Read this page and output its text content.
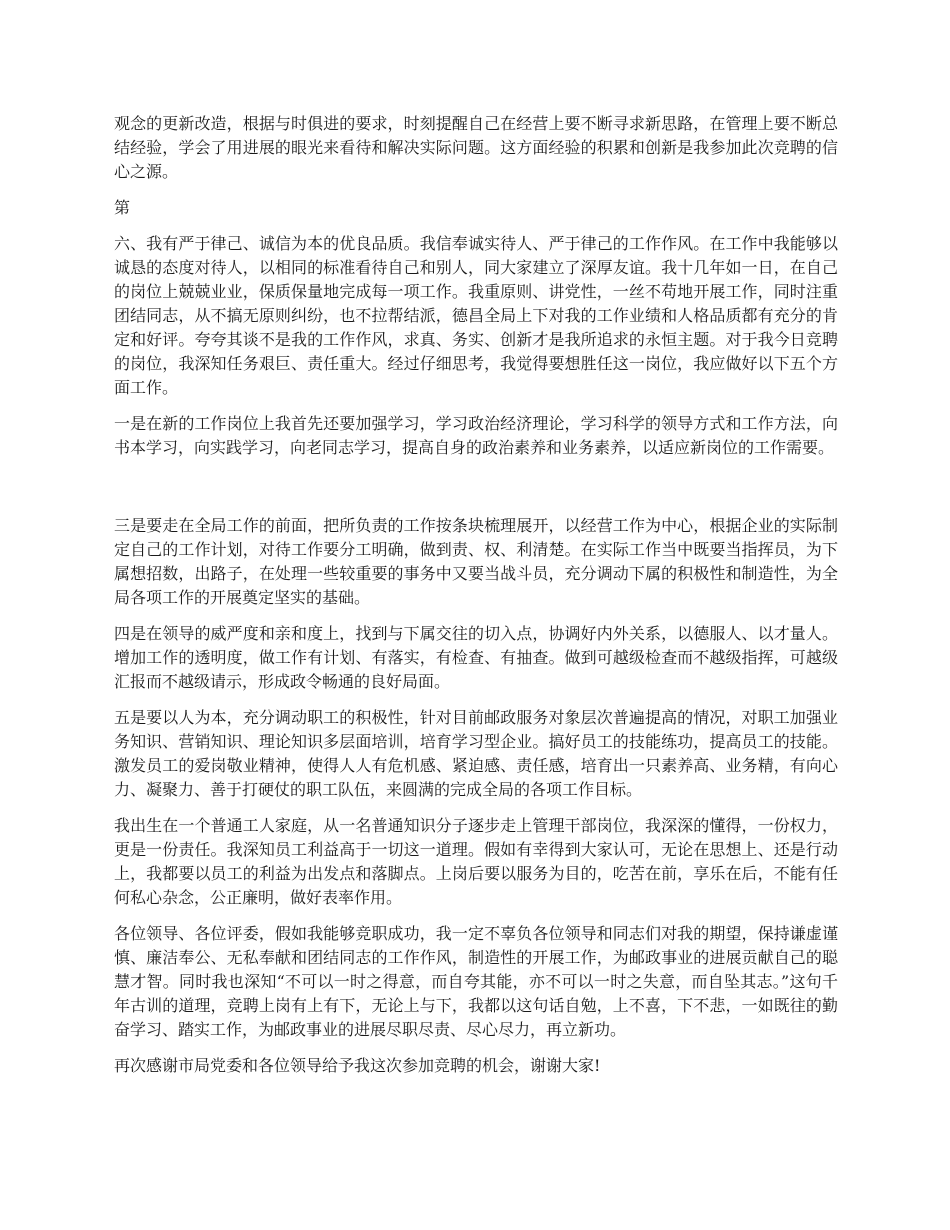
观念的更新改造，根据与时俱进的要求，时刻提醒自己在经营上要不断寻求新思路，在管理上要不断总结经验，学会了用进展的眼光来看待和解决实际问题。这方面经验的积累和创新是我参加此次竞聘的信心之源。

第

六、我有严于律己、诚信为本的优良品质。我信奉诚实待人、严于律己的工作作风。在工作中我能够以诚恳的态度对待人，以相同的标准看待自己和别人，同大家建立了深厚友谊。我十几年如一日，在自己的岗位上兢兢业业，保质保量地完成每一项工作。我重原则、讲党性，一丝不苟地开展工作，同时注重团结同志，从不搞无原则纠纷，也不拉帮结派，德昌全局上下对我的工作业绩和人格品质都有充分的肯定和好评。夸夸其谈不是我的工作作风，求真、务实、创新才是我所追求的永恒主题。对于我今日竞聘的岗位，我深知任务艰巨、责任重大。经过仔细思考，我觉得要想胜任这一岗位，我应做好以下五个方面工作。

一是在新的工作岗位上我首先还要加强学习，学习政治经济理论，学习科学的领导方式和工作方法，向书本学习，向实践学习，向老同志学习，提高自身的政治素养和业务素养，以适应新岗位的工作需要。

三是要走在全局工作的前面，把所负责的工作按条块梳理展开，以经营工作为中心，根据企业的实际制定自己的工作计划，对待工作要分工明确，做到责、权、利清楚。在实际工作当中既要当指挥员，为下属想招数，出路子，在处理一些较重要的事务中又要当战斗员，充分调动下属的积极性和制造性，为全局各项工作的开展奠定坚实的基础。

四是在领导的威严度和亲和度上，找到与下属交往的切入点，协调好内外关系，以德服人、以才量人。增加工作的透明度，做工作有计划、有落实，有检查、有抽查。做到可越级检查而不越级指挥，可越级汇报而不越级请示，形成政令畅通的良好局面。

五是要以人为本，充分调动职工的积极性，针对目前邮政服务对象层次普遍提高的情况，对职工加强业务知识、营销知识、理论知识多层面培训，培育学习型企业。搞好员工的技能练功，提高员工的技能。激发员工的爱岗敬业精神，使得人人有危机感、紧迫感、责任感，培育出一只素养高、业务精，有向心力、凝聚力、善于打硬仗的职工队伍，来圆满的完成全局的各项工作目标。

我出生在一个普通工人家庭，从一名普通知识分子逐步走上管理干部岗位，我深深的懂得，一份权力，更是一份责任。我深知员工利益高于一切这一道理。假如有幸得到大家认可，无论在思想上、还是行动上，我都要以员工的利益为出发点和落脚点。上岗后要以服务为目的，吃苦在前，享乐在后，不能有任何私心杂念，公正廉明，做好表率作用。

各位领导、各位评委，假如我能够竞职成功，我一定不辜负各位领导和同志们对我的期望，保持谦虚谨慎、廉洁奉公、无私奉献和团结同志的工作作风，制造性的开展工作，为邮政事业的进展贡献自己的聪慧才智。同时我也深知“不可以一时之得意，而自夸其能，亦不可以一时之失意，而自坠其志。”这句千年古训的道理，竞聘上岗有上有下，无论上与下，我都以这句话自勉，上不喜，下不悲，一如既往的勤奋学习、踏实工作，为邮政事业的进展尽职尽责、尽心尽力，再立新功。

再次感谢市局党委和各位领导给予我这次参加竞聘的机会，谢谢大家!
